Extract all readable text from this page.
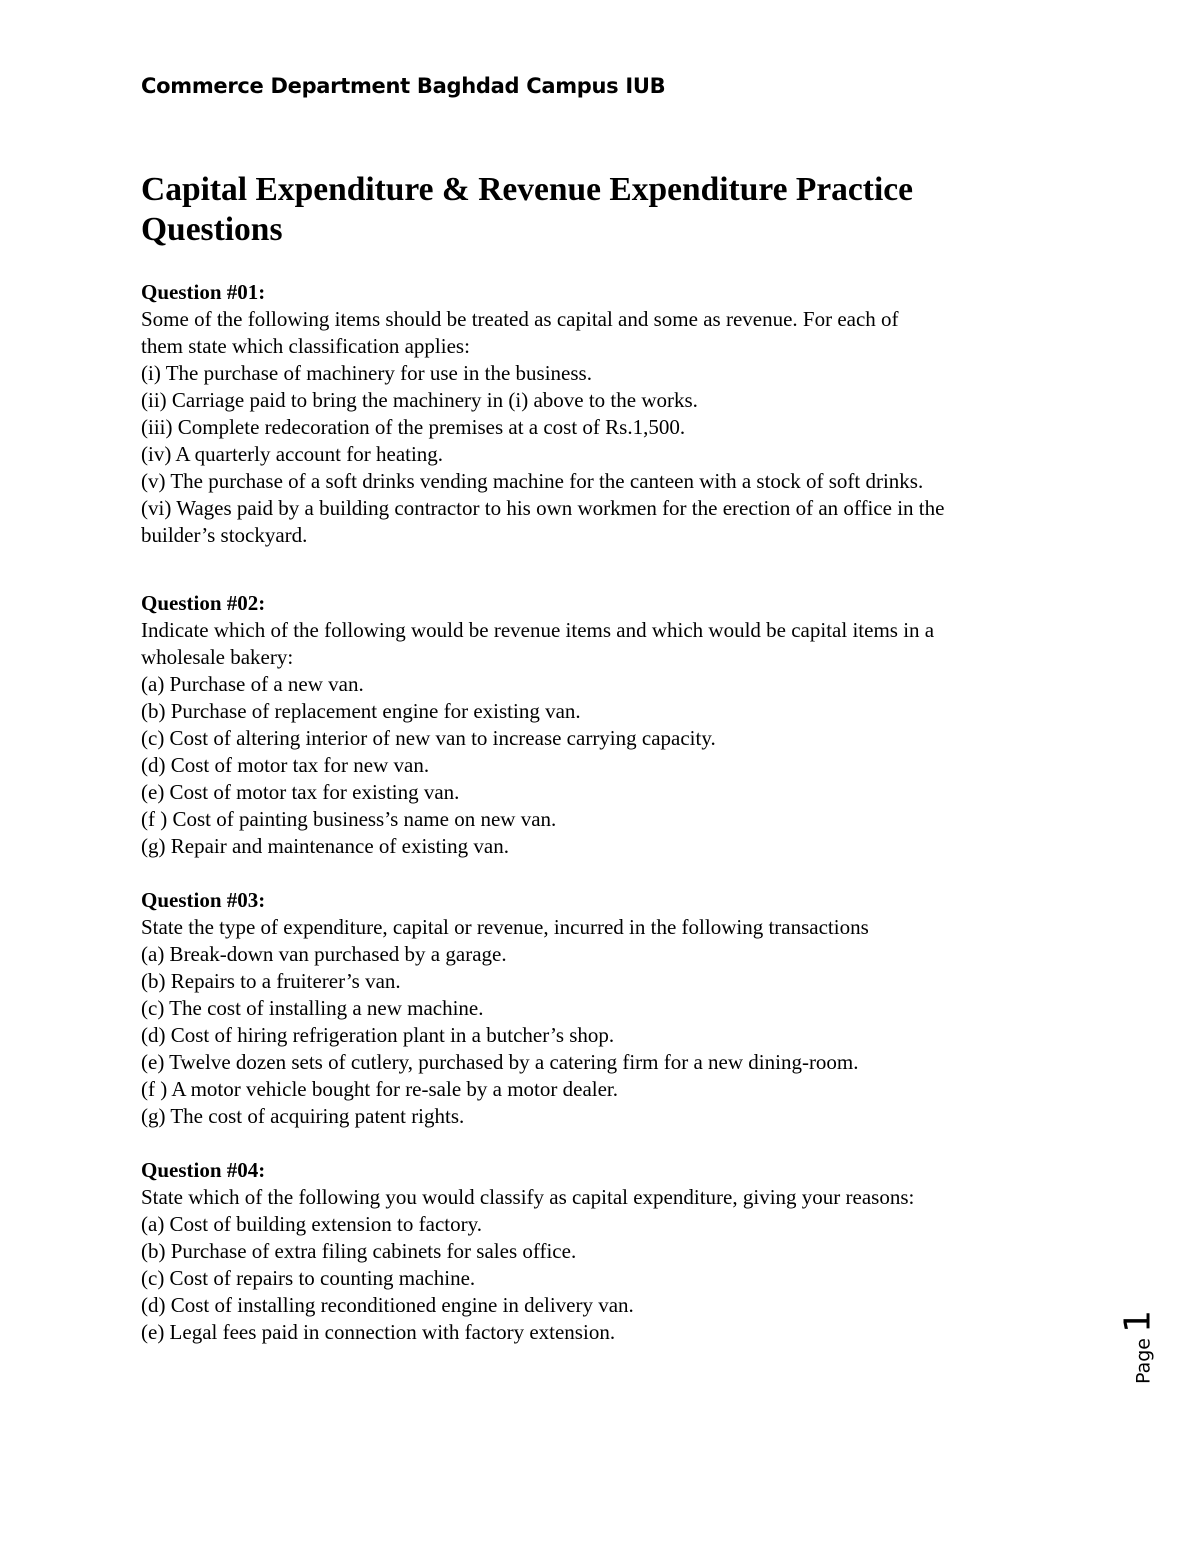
Commerce Department Baghdad Campus IUB
Capital Expenditure & Revenue Expenditure Practice Questions
Question #01:
Some of the following items should be treated as capital and some as revenue. For each of
them state which classification applies:
(i) The purchase of machinery for use in the business.
(ii) Carriage paid to bring the machinery in (i) above to the works.
(iii) Complete redecoration of the premises at a cost of Rs.1,500.
(iv) A quarterly account for heating.
(v) The purchase of a soft drinks vending machine for the canteen with a stock of soft drinks.
(vi) Wages paid by a building contractor to his own workmen for the erection of an office in the
builder’s stockyard.
Question #02:
Indicate which of the following would be revenue items and which would be capital items in a
wholesale bakery:
(a) Purchase of a new van.
(b) Purchase of replacement engine for existing van.
(c) Cost of altering interior of new van to increase carrying capacity.
(d) Cost of motor tax for new van.
(e) Cost of motor tax for existing van.
(f ) Cost of painting business’s name on new van.
(g) Repair and maintenance of existing van.
Question #03:
State the type of expenditure, capital or revenue, incurred in the following transactions
(a) Break-down van purchased by a garage.
(b) Repairs to a fruiterer’s van.
(c) The cost of installing a new machine.
(d) Cost of hiring refrigeration plant in a butcher’s shop.
(e) Twelve dozen sets of cutlery, purchased by a catering firm for a new dining-room.
(f ) A motor vehicle bought for re-sale by a motor dealer.
(g) The cost of acquiring patent rights.
Question #04:
State which of the following you would classify as capital expenditure, giving your reasons:
(a) Cost of building extension to factory.
(b) Purchase of extra filing cabinets for sales office.
(c) Cost of repairs to counting machine.
(d) Cost of installing reconditioned engine in delivery van.
(e) Legal fees paid in connection with factory extension.
Page 1
